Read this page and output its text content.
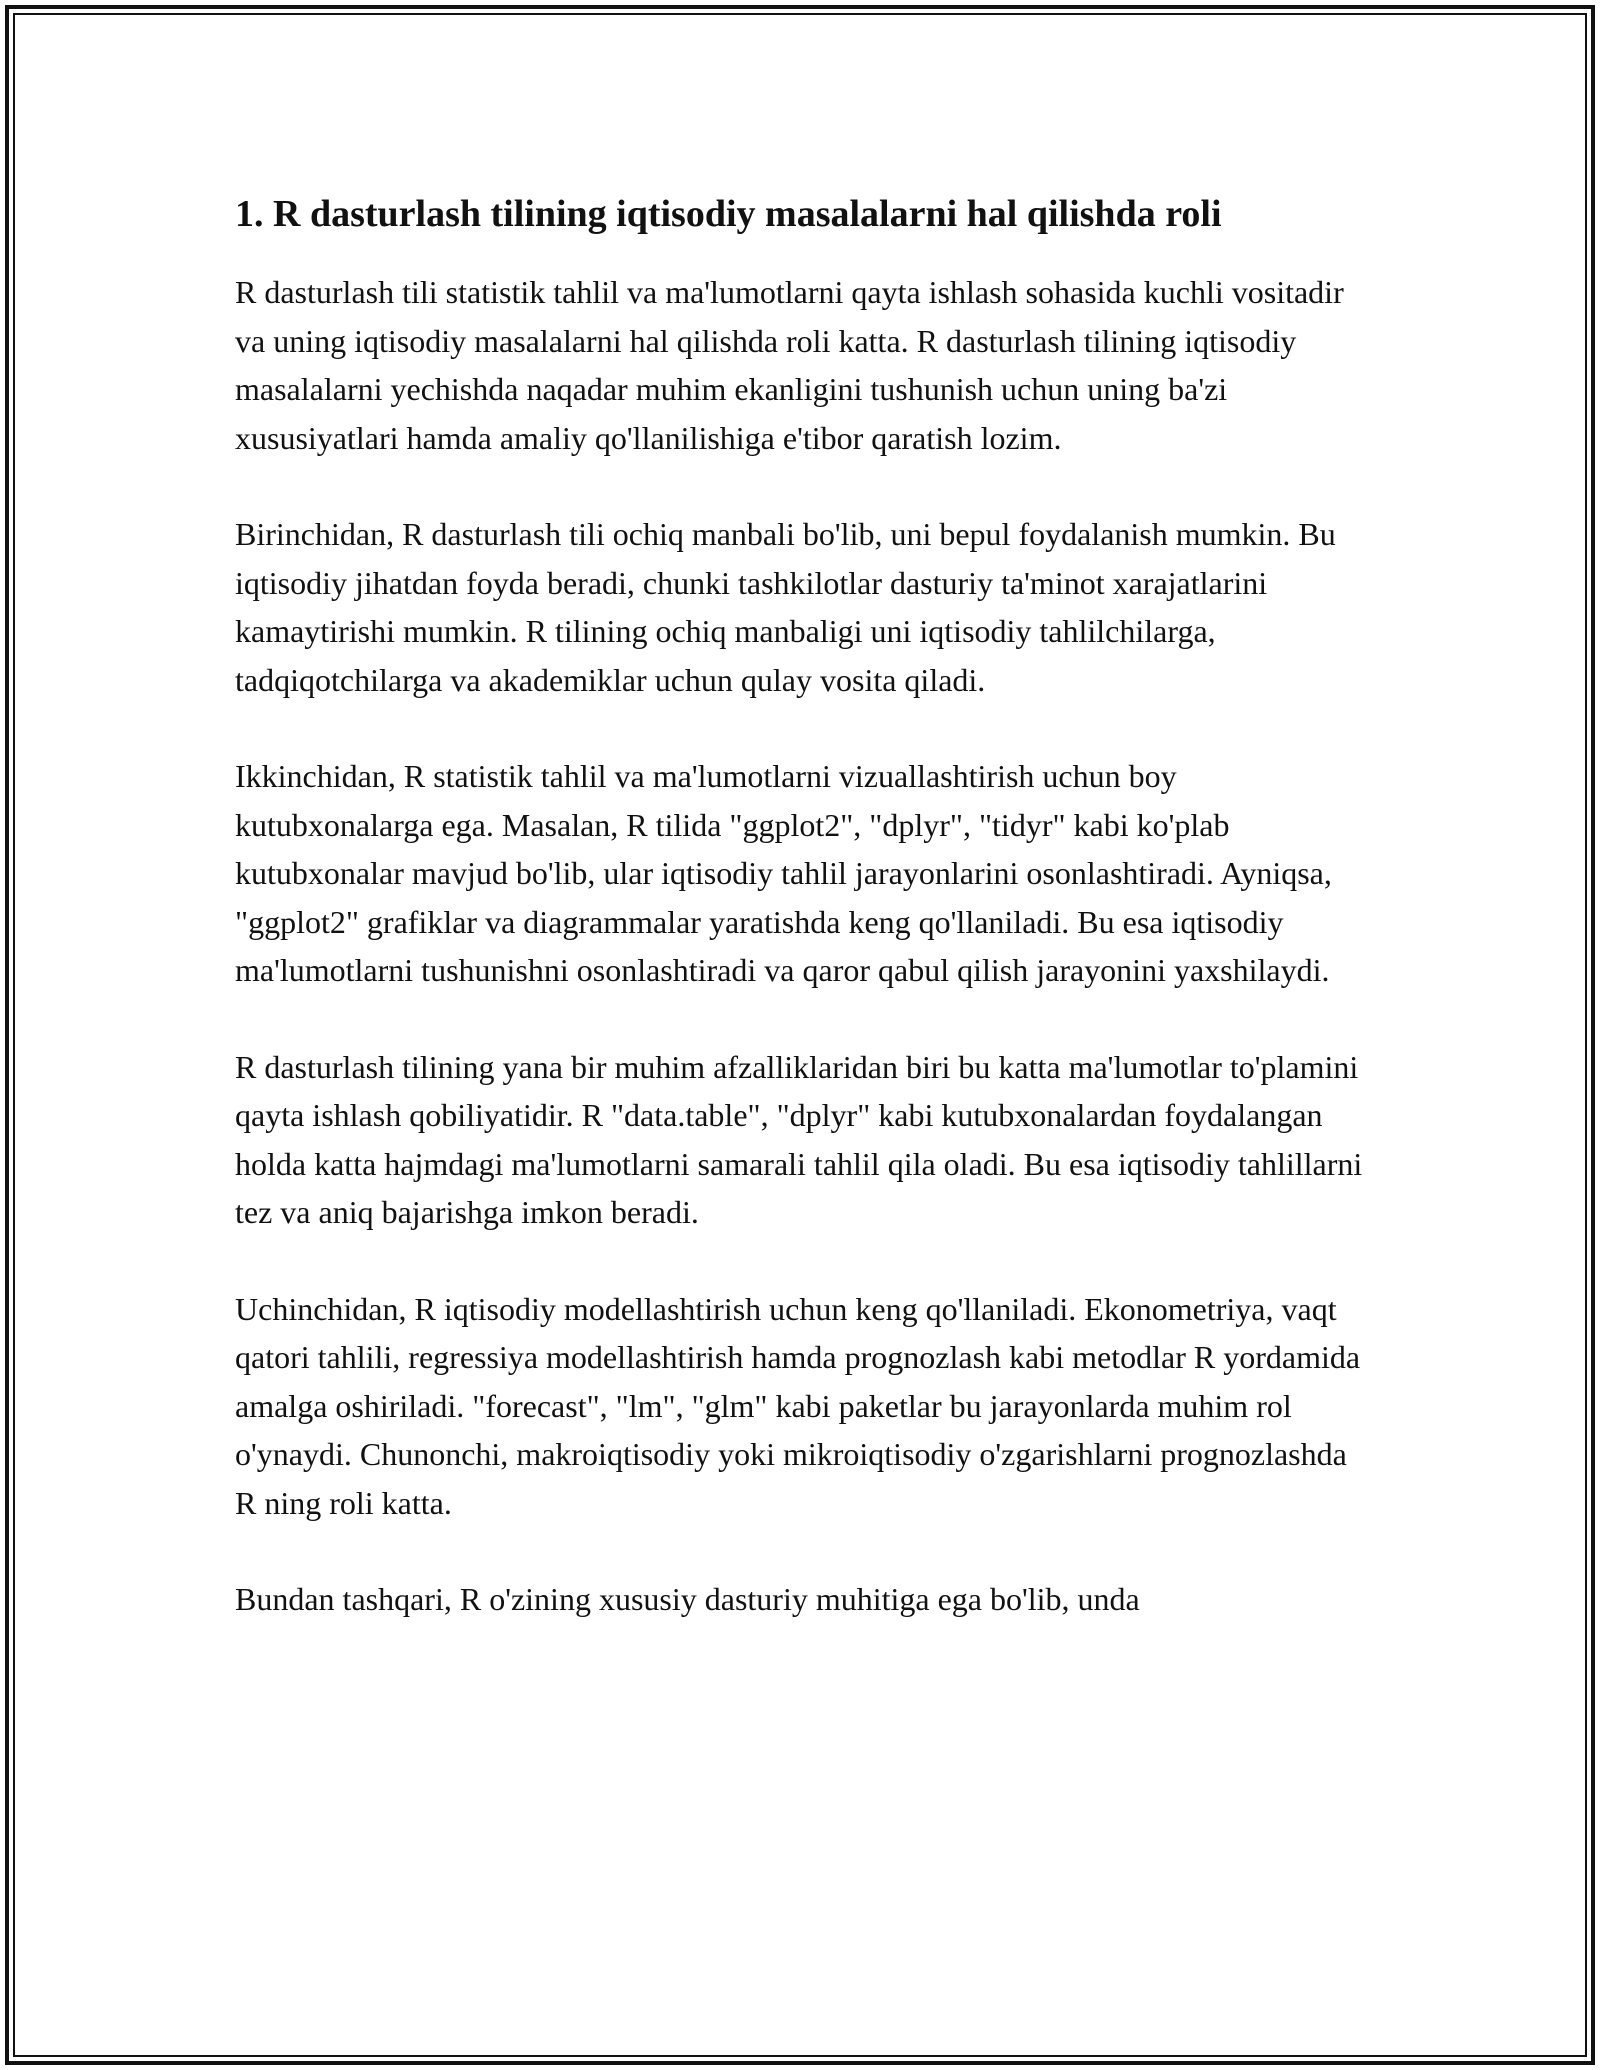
1. R dasturlash tilining iqtisodiy masalalarni hal qilishda roli

R dasturlash tili statistik tahlil va ma'lumotlarni qayta ishlash sohasida kuchli vositadir va uning iqtisodiy masalalarni hal qilishda roli katta. R dasturlash tilining iqtisodiy masalalarni yechishda naqadar muhim ekanligini tushunish uchun uning ba'zi xususiyatlari hamda amaliy qo'llanilishiga e'tibor qaratish lozim.

Birinchidan, R dasturlash tili ochiq manbali bo'lib, uni bepul foydalanish mumkin. Bu iqtisodiy jihatdan foyda beradi, chunki tashkilotlar dasturiy ta'minot xarajatlarini kamaytirishi mumkin. R tilining ochiq manbaligi uni iqtisodiy tahlilchilarga, tadqiqotchilarga va akademiklar uchun qulay vosita qiladi.

Ikkinchidan, R statistik tahlil va ma'lumotlarni vizuallashtirish uchun boy kutubxonalarga ega. Masalan, R tilida "ggplot2", "dplyr", "tidyr" kabi ko'plab kutubxonalar mavjud bo'lib, ular iqtisodiy tahlil jarayonlarini osonlashtiradi. Ayniqsa, "ggplot2" grafiklar va diagrammalar yaratishda keng qo'llaniladi. Bu esa iqtisodiy ma'lumotlarni tushunishni osonlashtiradi va qaror qabul qilish jarayonini yaxshilaydi.

R dasturlash tilining yana bir muhim afzalliklaridan biri bu katta ma'lumotlar to'plamini qayta ishlash qobiliyatidir. R "data.table", "dplyr" kabi kutubxonalardan foydalangan holda katta hajmdagi ma'lumotlarni samarali tahlil qila oladi. Bu esa iqtisodiy tahlillarni tez va aniq bajarishga imkon beradi.

Uchinchidan, R iqtisodiy modellashtirish uchun keng qo'llaniladi. Ekonometriya, vaqt qatori tahlili, regressiya modellashtirish hamda prognozlash kabi metodlar R yordamida amalga oshiriladi. "forecast", "lm", "glm" kabi paketlar bu jarayonlarda muhim rol o'ynaydi. Chunonchi, makroiqtisodiy yoki mikroiqtisodiy o'zgarishlarni prognozlashda R ning roli katta.

Bundan tashqari, R o'zining xususiy dasturiy muhitiga ega bo'lib, unda
